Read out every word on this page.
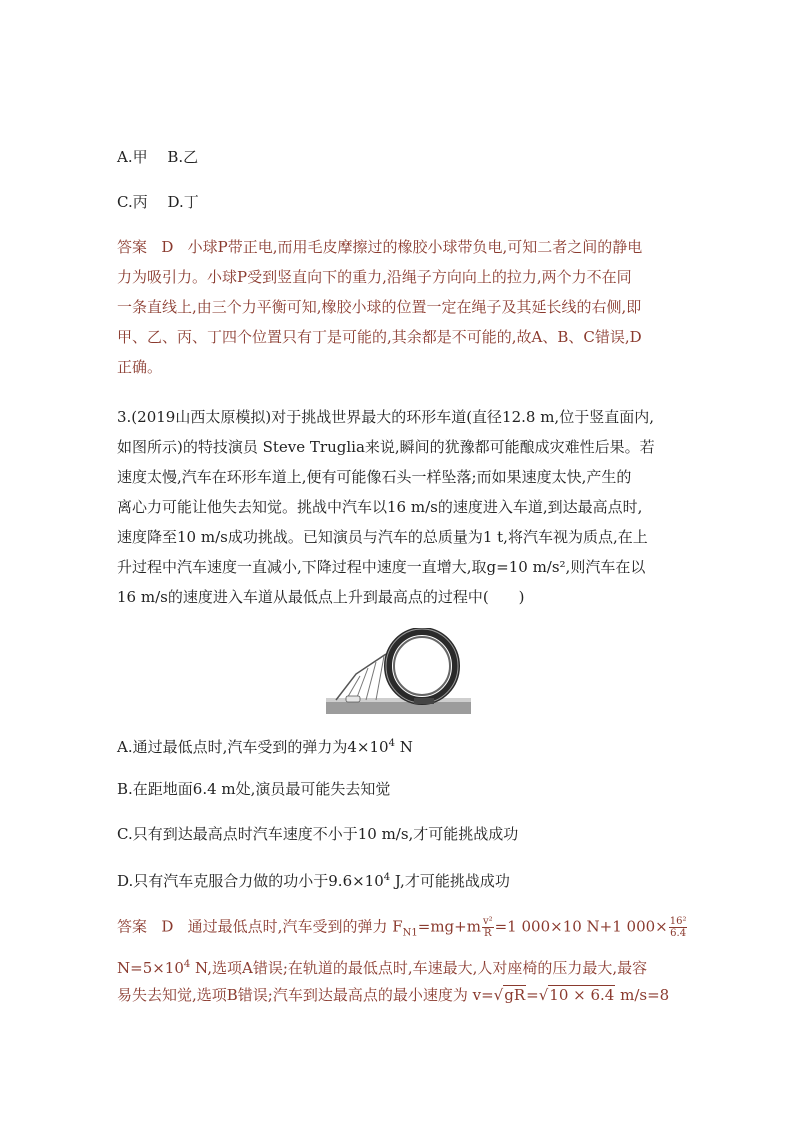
A.甲　 B.乙
C.丙　 D.丁
答案 D 小球P带正电,而用毛皮摩擦过的橡胶小球带负电,可知二者之间的静电
力为吸引力。小球P受到竖直向下的重力,沿绳子方向向上的拉力,两个力不在同
一条直线上,由三个力平衡可知,橡胶小球的位置一定在绳子及其延长线的右侧,即
甲、乙、丙、丁四个位置只有丁是可能的,其余都是不可能的,故A、B、C错误,D
正确。
3.(2019山西太原模拟)对于挑战世界最大的环形车道(直径12.8 m,位于竖直面内,
如图所示)的特技演员 Steve Truglia来说,瞬间的犹豫都可能酿成灾难性后果。若
速度太慢,汽车在环形车道上,便有可能像石头一样坠落;而如果速度太快,产生的
离心力可能让他失去知觉。挑战中汽车以16 m/s的速度进入车道,到达最高点时,
速度降至10 m/s成功挑战。已知演员与汽车的总质量为1 t,将汽车视为质点,在上
升过程中汽车速度一直减小,下降过程中速度一直增大,取g=10 m/s²,则汽车在以
16 m/s的速度进入车道从最低点上升到最高点的过程中(　　)
A.通过最低点时,汽车受到的弹力为$4\times 10^4$ N
B.在距地面6.4 m处,演员最可能失去知觉
C.只有到达最高点时汽车速度不小于10 m/s,才可能挑战成功
D.只有汽车克服合力做的功小于$9.6\times 10^4$ J,才可能挑战成功
答案 D 通过最低点时,汽车受到的弹力 $F_{N1}=mg+m \frac{\text{v²}}{R} =1$ 000×10 N+1 $000\times \frac{\text{16²}}{6.4}$
$N=5\times 10^4$ N,选项A错误;在轨道的最低点时,车速最大,人对座椅的压力最大,最容
易失去知觉,选项B错误;汽车到达最高点的最小速度为 v=√gR=√10 × 6.4 m/s=8
